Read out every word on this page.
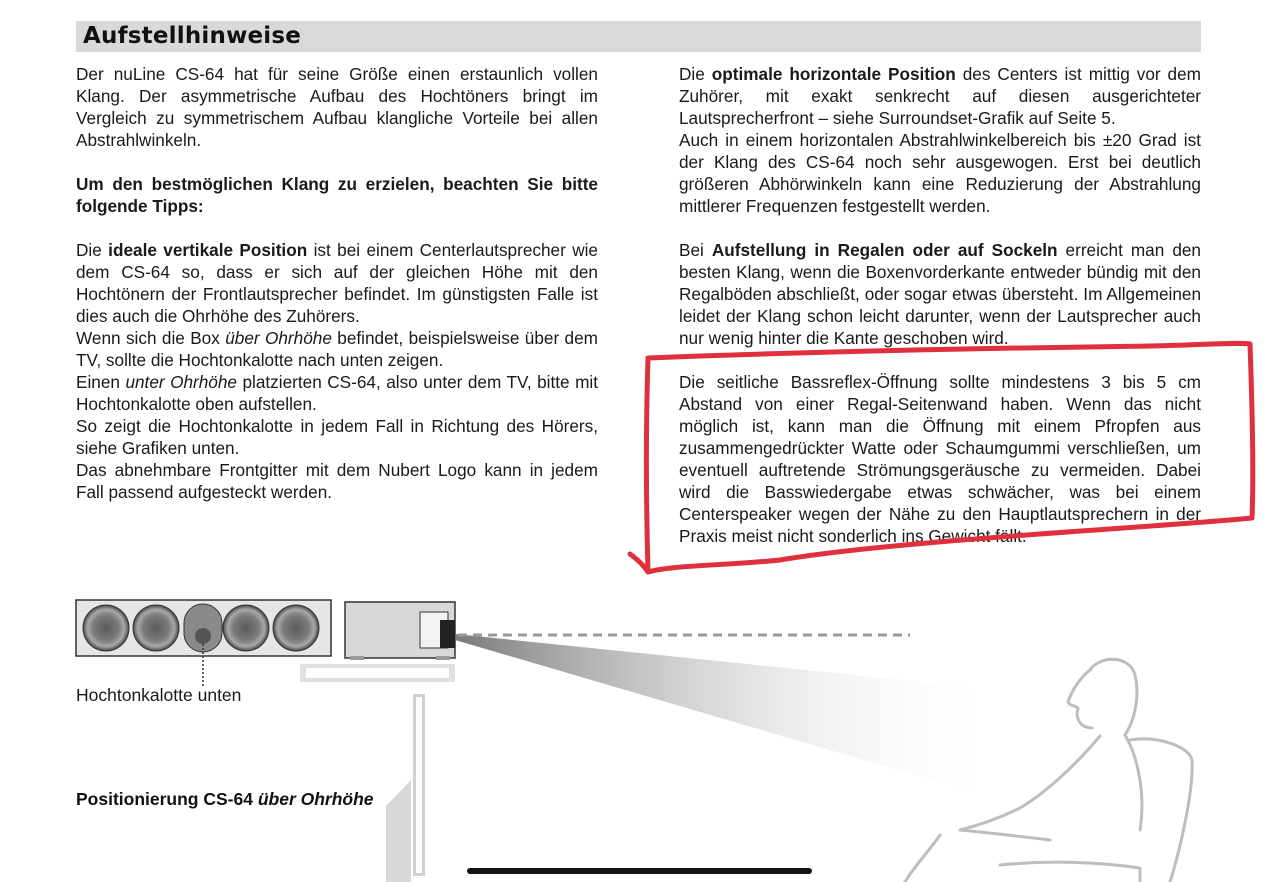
Aufstellhinweise

Der nuLine CS-64 hat für seine Größe einen erstaunlich vollen Klang. Der asymmetrische Aufbau des Hochtöners bringt im Vergleich zu symmetrischem Aufbau klangliche Vorteile bei allen Abstrahlwinkeln.

Um den bestmöglichen Klang zu erzielen, beachten Sie bitte folgende Tipps:

Die ideale vertikale Position ist bei einem Centerlautsprecher wie dem CS-64 so, dass er sich auf der gleichen Höhe mit den Hochtönern der Frontlautsprecher befindet. Im günstigsten Falle ist dies auch die Ohrhöhe des Zuhörers.

Wenn sich die Box über Ohrhöhe befindet, beispielsweise über dem TV, sollte die Hochtonkalotte nach unten zeigen.

Einen unter Ohrhöhe platzierten CS-64, also unter dem TV, bitte mit Hochtonkalotte oben aufstellen.

So zeigt die Hochtonkalotte in jedem Fall in Richtung des Hörers, siehe Grafiken unten.

Das abnehmbare Frontgitter mit dem Nubert Logo kann in jedem Fall passend aufgesteckt werden.

Die optimale horizontale Position des Centers ist mittig vor dem Zuhörer, mit exakt senkrecht auf diesen ausgerichteter Lautsprecherfront – siehe Surroundset-Grafik auf Seite 5.

Auch in einem horizontalen Abstrahlwinkelbereich bis ±20 Grad ist der Klang des CS-64 noch sehr ausgewogen. Erst bei deutlich größeren Abhörwinkeln kann eine Reduzierung der Abstrahlung mittlerer Frequenzen festgestellt werden.

Bei Aufstellung in Regalen oder auf Sockeln erreicht man den besten Klang, wenn die Boxenvorderkante entweder bündig mit den Regalböden abschließt, oder sogar etwas übersteht. Im Allgemeinen leidet der Klang schon leicht darunter, wenn der Lautsprecher auch nur wenig hinter die Kante geschoben wird.

Die seitliche Bassreflex-Öffnung sollte mindestens 3 bis 5 cm Abstand von einer Regal-Seitenwand haben. Wenn das nicht möglich ist, kann man die Öffnung mit einem Pfropfen aus zusammengedrückter Watte oder Schaumgummi verschließen, um eventuell auftretende Strömungsgeräusche zu vermeiden. Dabei wird die Basswiedergabe etwas schwächer, was bei einem Centerspeaker wegen der Nähe zu den Hauptlautsprechern in der Praxis meist nicht sonderlich ins Gewicht fällt.

Hochtonkalotte unten
Positionierung CS-64 über Ohrhöhe
